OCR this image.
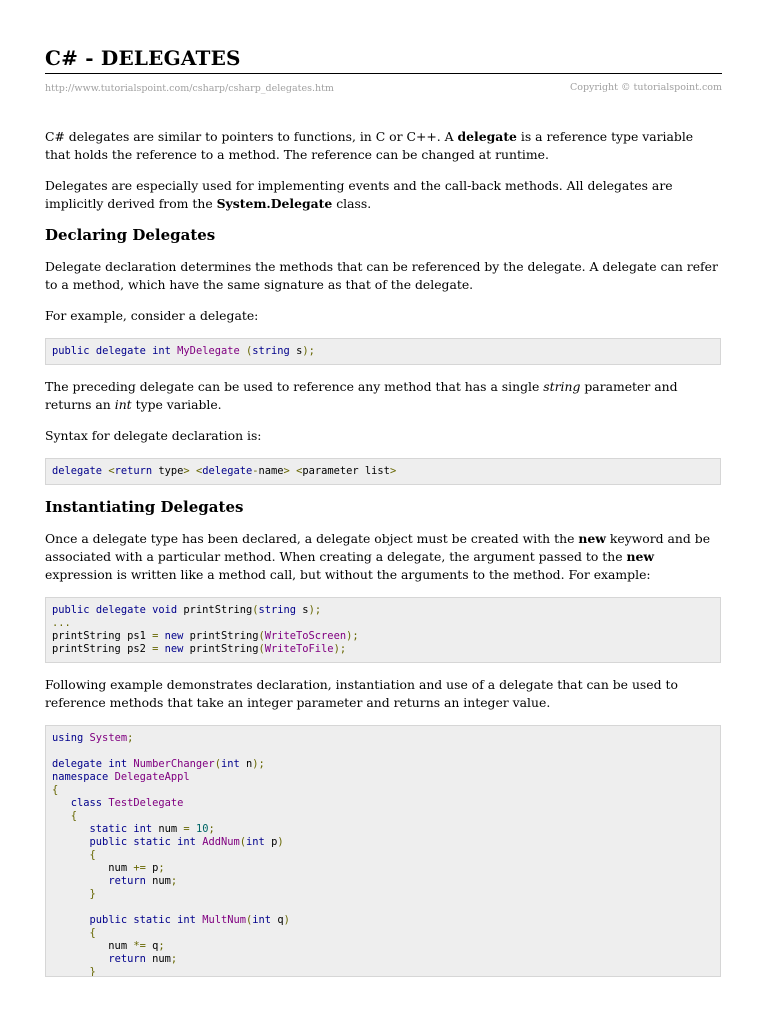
C# - DELEGATES
http://www.tutorialspoint.com/csharp/csharp_delegates.htm	Copyright © tutorialspoint.com

C# delegates are similar to pointers to functions, in C or C++. A delegate is a reference type variable that holds the reference to a method. The reference can be changed at runtime.

Delegates are especially used for implementing events and the call-back methods. All delegates are implicitly derived from the System.Delegate class.

Declaring Delegates

Delegate declaration determines the methods that can be referenced by the delegate. A delegate can refer to a method, which have the same signature as that of the delegate.

For example, consider a delegate:

public delegate int MyDelegate (string s);

The preceding delegate can be used to reference any method that has a single string parameter and returns an int type variable.

Syntax for delegate declaration is:

delegate <return type> <delegate-name> <parameter list>
Instantiating Delegates

Once a delegate type has been declared, a delegate object must be created with the new keyword and be associated with a particular method. When creating a delegate, the argument passed to the new expression is written like a method call, but without the arguments to the method. For example:

public delegate void printString(string s);
...
printString ps1 = new printString(WriteToScreen);
printString ps2 = new printString(WriteToFile);

Following example demonstrates declaration, instantiation and use of a delegate that can be used to reference methods that take an integer parameter and returns an integer value.

using System;

delegate int NumberChanger(int n);
namespace DelegateAppl
{
class TestDelegate
{
static int num = 10;
public static int AddNum(int p)
{
num += p;
return num;
}

public static int MultNum(int q)
{
num *= q;
return num;
}
